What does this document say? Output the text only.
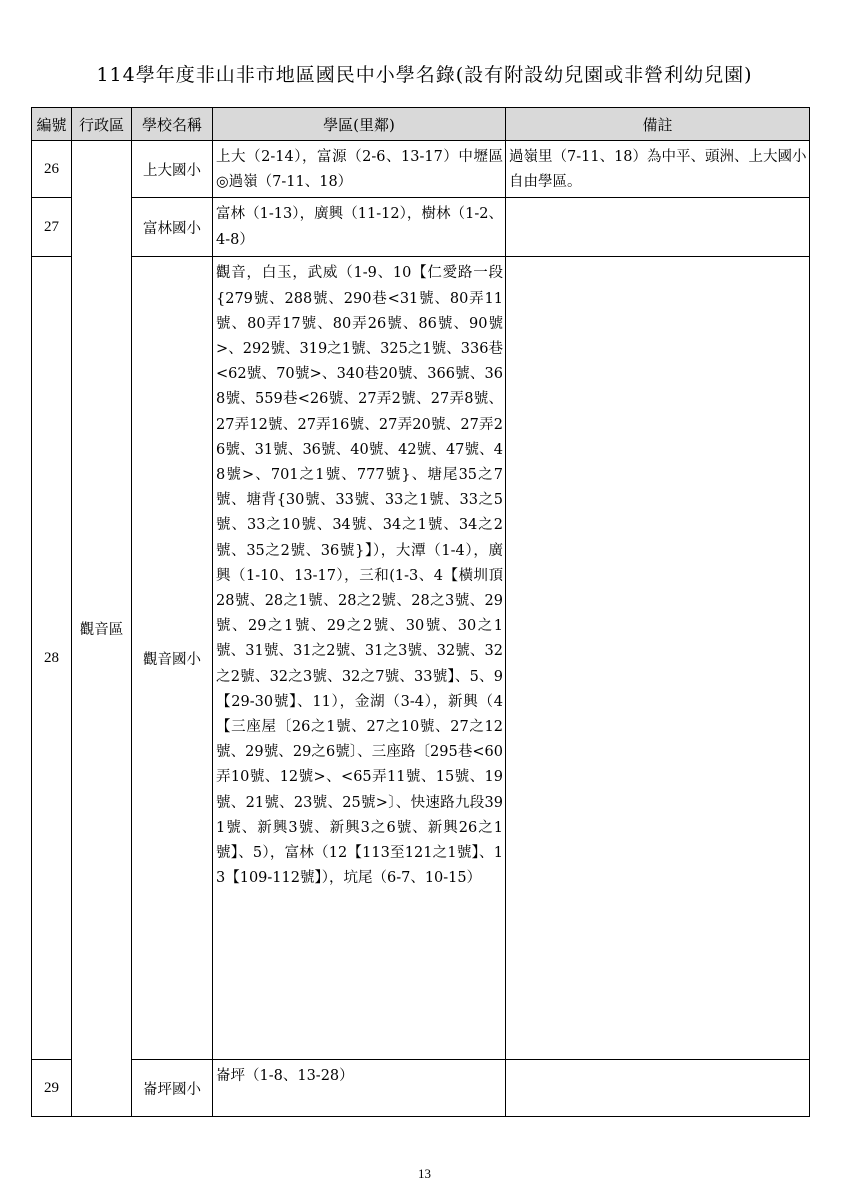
114學年度非山非市地區國民中小學名錄(設有附設幼兒園或非營利幼兒園)
編號	行政區	學校名稱	學區(里鄰)	備註
26	觀音區	上大國小	上大（2-14），富源（2-6、13-17）中壢區 ◎過嶺（7-11、18）	過嶺里（7-11、18）為中平、頭洲、上大國小自由學區。
27		富林國小	富林（1-13），廣興（11-12），樹林（1-2、4-8）	
28		觀音國小	觀音，白玉，武威（1-9、10【仁愛路一段{279號、288號、290巷<31號、80弄11號、80弄17號、80弄26號、86號、90號>、292號、319之1號、325之1號、336巷<62號、70號>、340巷20號、366號、368號、559巷<26號、27弄2號、27弄8號、27弄12號、27弄16號、27弄20號、27弄26號、31號、36號、40號、42號、47號、48號>、701之1號、777號}、塘尾35之7號、塘背{30號、33號、33之1號、33之5號、33之10號、34號、34之1號、34之2號、35之2號、36號}】），大潭（1-4），廣興（1-10、13-17），三和(1-3、4【橫圳頂28號、28之1號、28之2號、28之3號、29號、29之1號、29之2號、30號、30之1號、31號、31之2號、31之3號、32號、32之2號、32之3號、32之7號、33號】、5、9【29-30號】、11），金湖（3-4），新興（4【三座屋〔26之1號、27之10號、27之12號、29號、29之6號〕、三座路〔295巷<60弄10號、12號>、<65弄11號、15號、19號、21號、23號、25號>〕、快速路九段391號、新興3號、新興3之6號、新興26之1號】、5），富林（12【113至121之1號】、13【109-112號】），坑尾（6-7、10-15）	
29		崙坪國小	崙坪（1-8、13-28）	
13
